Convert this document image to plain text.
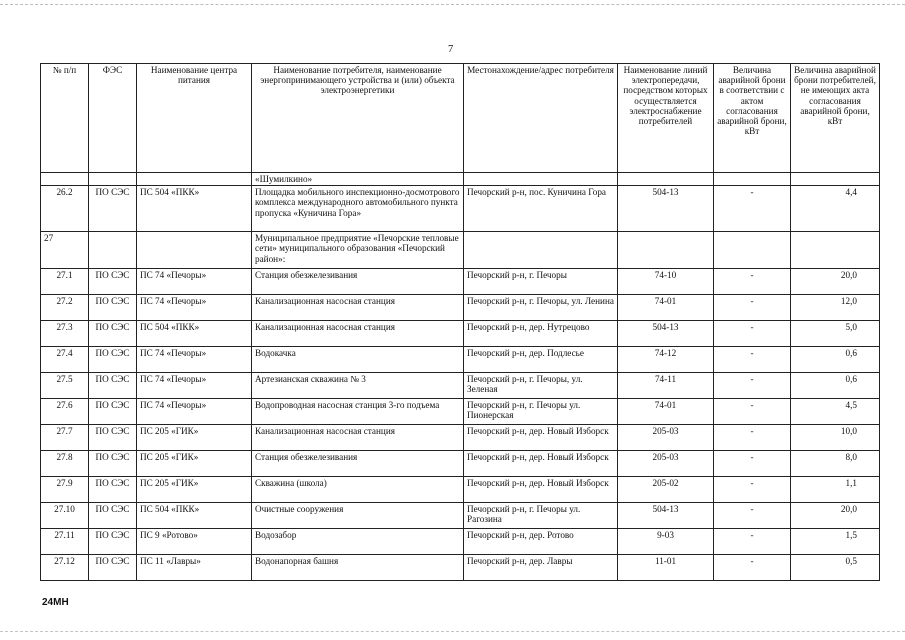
7
№ п/п	ФЭС	Наименование центра питания	Наименование потребителя, наименование энергопринимающего устройства и (или) объекта электроэнергетики	Местонахождение/адрес потребителя	Наименование линий электропередачи, посредством которых осуществляется электроснабжение потребителей	Величина аварийной брони в соответствии с актом согласования аварийной брони, кВт	Величина аварийной брони потребителей, не имеющих акта согласования аварийной брони, кВт
			«Шумилкино»				
26.2	ПО СЭС	ПС 504 «ПКК»	Площадка мобильного инспекционно-досмотрового комплекса международного автомобильного пункта пропуска «Куничина Гора»	Печорский р-н, пос. Куничина Гора	504-13	-	4,4
27			Муниципальное предприятие «Печорские тепловые сети» муниципального образования «Печорский район»:				
27.1	ПО СЭС	ПС 74 «Печоры»	Станция обезжелезивания	Печорский р-н, г. Печоры	74-10	-	20,0
27.2	ПО СЭС	ПС 74 «Печоры»	Канализационная насосная станция	Печорский р-н, г. Печоры, ул. Ленина	74-01	-	12,0
27.3	ПО СЭС	ПС 504 «ПКК»	Канализационная насосная станция	Печорский р-н, дер. Нутрецово	504-13	-	5,0
27.4	ПО СЭС	ПС 74 «Печоры»	Водокачка	Печорский р-н, дер. Подлесье	74-12	-	0,6
27.5	ПО СЭС	ПС 74 «Печоры»	Артезианская скважина № 3	Печорский р-н, г. Печоры, ул. Зеленая	74-11	-	0,6
27.6	ПО СЭС	ПС 74 «Печоры»	Водопроводная насосная станция 3-го подъема	Печорский р-н, г. Печоры ул. Пионерская	74-01	-	4,5
27.7	ПО СЭС	ПС 205 «ГИК»	Канализационная насосная станция	Печорский р-н, дер. Новый Изборск	205-03	-	10,0
27.8	ПО СЭС	ПС 205 «ГИК»	Станция обезжелезивания	Печорский р-н, дер. Новый Изборск	205-03	-	8,0
27.9	ПО СЭС	ПС 205 «ГИК»	Скважина (школа)	Печорский р-н, дер. Новый Изборск	205-02	-	1,1
27.10	ПО СЭС	ПС 504 «ПКК»	Очистные сооружения	Печорский р-н, г. Печоры ул. Рагозина	504-13	-	20,0
27.11	ПО СЭС	ПС 9 «Ротово»	Водозабор	Печорский р-н, дер. Ротово	9-03	-	1,5
27.12	ПО СЭС	ПС 11 «Лавры»	Водонапорная башня	Печорский р-н, дер. Лавры	11-01	-	0,5
24МН
